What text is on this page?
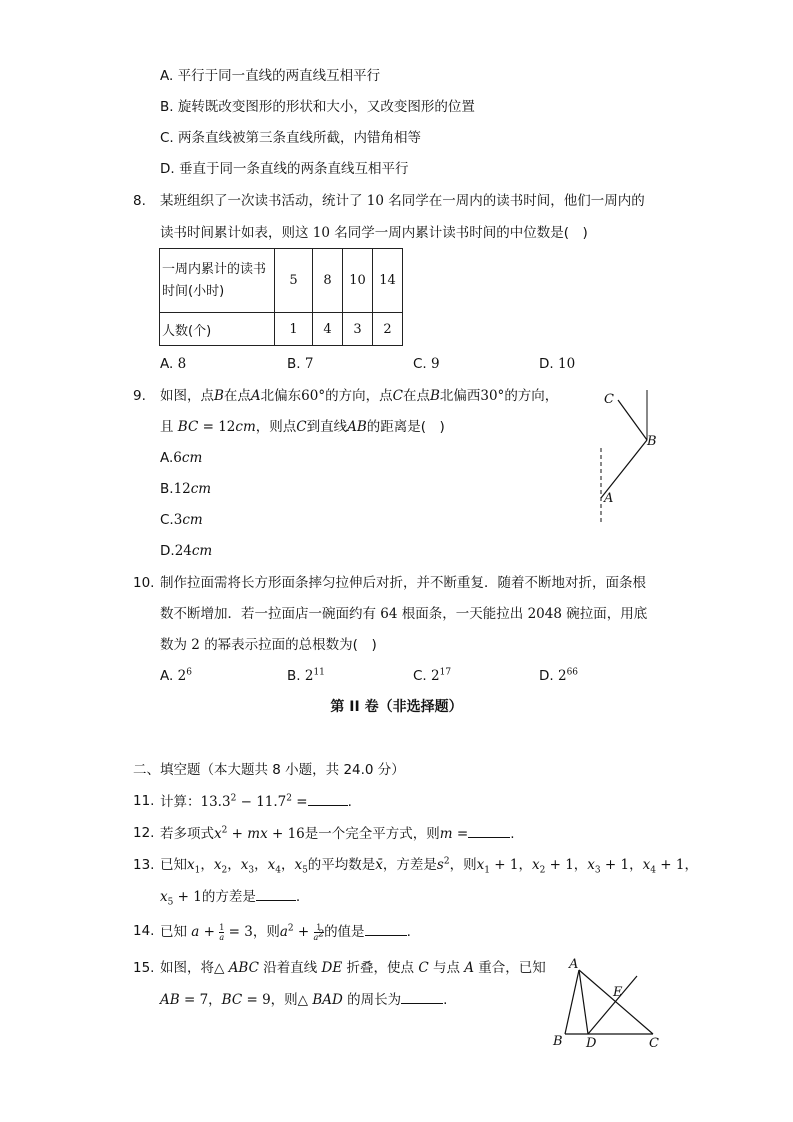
A. 平行于同一直线的两直线互相平行
B. 旋转既改变图形的形状和大小，又改变图形的位置
C. 两条直线被第三条直线所截，内错角相等
D. 垂直于同一条直线的两条直线互相平行
8. 某班组织了一次读书活动，统计了 10 名同学在一周内的读书时间，他们一周内的
读书时间累计如表，则这 10 名同学一周内累计读书时间的中位数是(　)
一周内累计的读书
时间(小时)	5	8	10	14
人数(个)	1	4	3	2
A. 8	B. 7	C. 9	D. 10
9. 如图，点B在点A北偏东60°的方向，点C在点B北偏西30°的方向，
且 BC = 12cm，则点C到直线AB的距离是(　)
A.6cm
B.12cm
C.3cm
D.24cm
C
B
A
10. 制作拉面需将长方形面条摔匀拉伸后对折，并不断重复．随着不断地对折，面条根
数不断增加．若一拉面店一碗面约有 64 根面条，一天能拉出 2048 碗拉面，用底
数为 2 的幂表示拉面的总根数为(　)
A. $2^6$	B. $2^{11}$	C. $2^{17}$	D. $2^{66}$
第 II 卷（非选择题）
二、填空题（本大题共 8 小题，共 24.0 分）
11. 计算：$13.3^2 - 11.7^2$ =	.
12. 若多项式$x^2$ + mx + 16是一个完全平方式，则m =	.
13. 已知$x_1$，$x_2$，$x_3$，$x_4$，$x_5$的平均数是x̄，方差是$s^2$，则$x_1 + 1$，$x_2 + 1$，$x_3 + 1$，$x_4 + 1$，
$x_5 + 1$的方差是	.
14. 已知 $a + \frac{1}{a} = 3$，则$a^2 + \frac{1}{a^2}$ 的值是	.
15. 如图，将△ ABC 沿着直线 DE 折叠，使点 C 与点 A 重合，已知
AB = 7，BC = 9，则△ BAD 的周长为	.
A
E
B D	C
